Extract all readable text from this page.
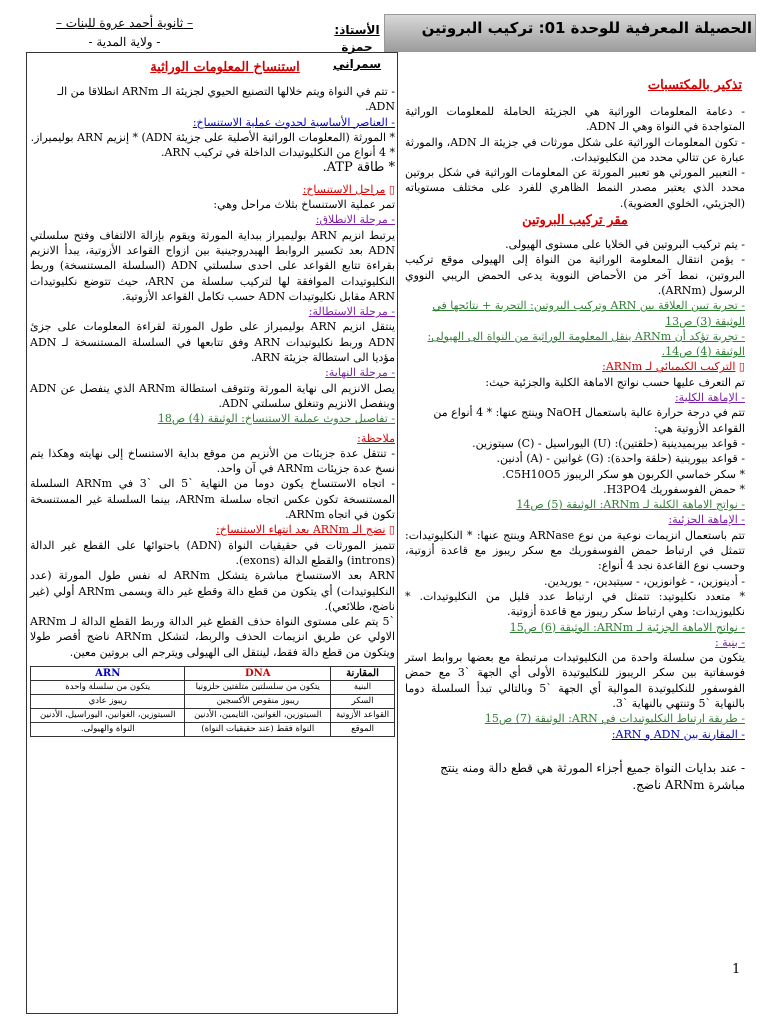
الحصيلة المعرفية للوحدة 01: تركيب البروتين
الأستاذ: حمزة
سمراني
– ثانوية أحمد عروة للبنات –
- ولاية المدية -

استنساخ المعلومات الوراثية

- تتم في النواة ويتم خلالها التصنيع الحيوي لجزيئة الـ ARNm انطلاقا من الـ ADN.

- العناصر الأساسية لحدوث عملية الاستنساخ:

* المورثة (المعلومات الوراثية الأصلية على جزيئة ADN) * إنزيم ARN بوليميراز.

* 4 أنواع من النكليوتيدات الداخلة في تركيب ARN.

* طاقة ATP.

▯ مراحل الاستنساخ:

تمر عملية الاستنساخ بثلاث مراحل وهي:

- مرحلة الانطلاق:

يرتبط انزيم ARN بوليميراز ببداية المورثة ويقوم بإزالة الالتفاف وفتح سلسلتي ADN بعد تكسير الروابط الهيدروجينية بين ازواج القواعد الأزوتية، يبدأ الانزيم بقراءة تتابع القواعد على احدى سلسلتي ADN (السلسلة المستنسخة) وربط النكليوتيدات الموافقة لها لتركيب سلسلة من ARN، حيث تتوضع نكليوتيدات ARN مقابل نكليوتيدات ADN حسب تكامل القواعد الأزوتية.

- مرحلة الاستطالة:

ينتقل انزيم ARN بوليميراز على طول المورثة لقراءة المعلومات على جزئ ADN وربط نكليوتيدات ARN وفق تتابعها في السلسلة المستنسخة لـ ADN مؤديا الى استطالة جزيئة ARN.

- مرحلة النهاية:

يصل الانزيم الى نهاية المورثة وتتوقف استطالة ARNm الذي ينفصل عن ADN وينفصل الانزيم وتنغلق سلسلتي ADN.

- تفاصيل حدوث عملية الاستنساخ: الوثيقة (4) ص18

ملاحظة:

- تنتقل عدة جزيئات من الأنزيم من موقع بداية الاستنساخ إلى نهايته وهكذا يتم نسخ عدة جزيئات ARNm في آن واحد.

- اتجاه الاستنساخ يكون دوما من النهاية `5 الى `3 في ARNm السلسلة المستنسخة تكون عكس اتجاه سلسلة ARNm، بينما السلسلة غير المستنسخة تكون في اتجاه ARNm.

▯ نضج الـ ARNm بعد انتهاء الاستنساخ:

تتميز المورثات في حقيقيات النواة (ADN) باحتوائها على القطع غير الدالة (introns) والقطع الدالة (exons).

ARN بعد الاستنساخ مباشرة يتشكل ARNm له نفس طول المورثة (عدد النكليوتيدات) أي يتكون من قطع دالة وقطع غير دالة ويسمى ARNm أولي (غير ناضج، طلائعي).

`5 يتم على مستوى النواة حذف القطع غير الدالة وربط القطع الدالة لـ ARNm الاولي عن طريق انزيمات الحذف والربط، لتشكل ARNm ناضج أقصر طولا ويتكون من قطع دالة فقط، لينتقل الى الهيولى ويترجم الى بروتين معين.

المقارنة	DNA	ARN
البنية	يتكون من سلسلتين متلفتين حلزونيا	يتكون من سلسلة واحدة
السكر	ريبوز منقوص الأكسجين	ريبوز عادي
القواعد الأزوتية	السيتوزين، الغوانين، الثايمين، الأدنين	السيتوزين، الغوانين، اليوراسيل، الأدنين
الموقع	النواة فقط (عند حقيقيات النواة)	النواة والهيولى.

تذكير بالمكتسبات

- دعامة المعلومات الوراثية هي الجزيئة الحاملة للمعلومات الوراثية المتواجدة في النواة وهي الـ ADN.

- تكون المعلومات الوراثية على شكل مورثات في جزيئة الـ ADN، والمورثة عبارة عن تتالي محدد من النكليوتيدات.

- التعبير المورثي هو تعبير المورثة عن المعلومات الوراثية في شكل بروتين محدد الذي يعتبر مصدر النمط الظاهري للفرد على مختلف مستوياته (الجزيئي، الخلوي العضوية).

مقر تركيب البروتين

- يتم تركيب البروتين في الخلايا على مستوى الهيولى.

- يؤمن انتقال المعلومة الوراثية من النواة إلى الهيولى موقع تركيب البروتين، نمط آخر من الأحماض النووية يدعى الحمض الريبي النووي الرسول (ARNm).

- تجربة تبين العلاقة بين ARN وتركيب البروتين: التجربة + نتائجها في الوثيقة (3) ص13

- تجربة تؤكد أن ARNm ينقل المعلومة الوراثية من النواة الى الهيولى: الوثيقة (4) ص14.

▯ التركيب الكيميائي لـ ARNm:

تم التعرف عليها حسب نواتج الاماهة الكلية والجزئية حيث:

- الإماهة الكلية:

تتم في درجة حرارة عالية باستعمال NaOH وينتج عنها: * 4 أنواع من القواعد الأزوتية هي:

- قواعد بيريميدينية (حلقتين): (U) اليوراسيل - (C) سيتوزين.

- قواعد بيورينية (حلقة واحدة): (G) غوانين - (A) أدنين.

* سكر خماسي الكربون هو سكر الريبوز C5H10O5.

* حمض الفوسفوريك H3PO4.

- نواتج الاماهة الكلية لـ ARNm: الوثيقة (5) ص14

- الإماهة الجزئية:

تتم باستعمال انزيمات نوعية من نوع ARNase وينتج عنها: * النكليوتيدات: تتمثل في ارتباط حمض الفوسفوريك مع سكر ريبوز مع قاعدة أزوتية، وحسب نوع القاعدة نجد 4 أنواع:

- أدينوزين، - غوانوزين، - سيتيدين، - يوريدين.

* متعدد نكليوتيد: تتمثل في ارتباط عدد قليل من النكليوتيدات. * نكليوزيدات: وهي ارتباط سكر ريبوز مع قاعدة أزوتية.

- نواتج الاماهة الجزئية لـ ARNm: الوثيقة (6) ص15

- بنية :

يتكون من سلسلة واحدة من النكليوتيدات مرتبطة مع بعضها بروابط استر فوسفاتية بين سكر الريبوز للنكليوتيدة الأولى أي الجهة `3 مع حمض الفوسفور للنكليوتيدة الموالية أي الجهة `5 وبالتالي تبدأ السلسلة دوما بالنهاية `5 وتنتهي بالنهاية `3.

- طريقة ارتباط النكليوتيدات في ARN: الوثيقة (7) ص15

- المقارنة بين ADN و ARN:

- عند بدايات النواة جميع أجزاء المورثة هي قطع دالة ومنه ينتج

مباشرة ARNm ناضج.

1
